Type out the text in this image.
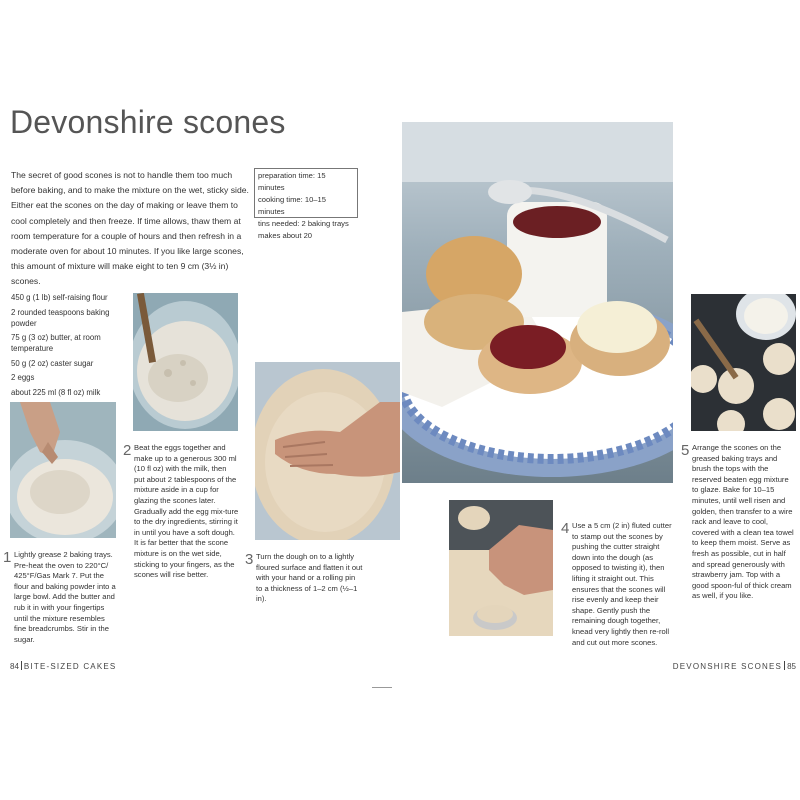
Devonshire scones
The secret of good scones is not to handle them too much before baking, and to make the mixture on the wet, sticky side. Either eat the scones on the day of making or leave them to cool completely and then freeze. If time allows, thaw them at room temperature for a couple of hours and then refresh in a moderate oven for about 10 minutes. If you like large scones, this amount of mixture will make eight to ten 9 cm (3½ in) scones.
preparation time: 15 minutes
cooking time: 10–15 minutes
tins needed: 2 baking trays
makes about 20
450 g (1 lb) self-raising flour
2 rounded teaspoons baking powder
75 g (3 oz) butter, at room temperature
50 g (2 oz) caster sugar
2 eggs
about 225 ml (8 fl oz) milk
1 Lightly grease 2 baking trays. Pre-heat the oven to 220°C/ 425°F/Gas Mark 7. Put the flour and baking powder into a large bowl. Add the butter and rub it in with your fingertips until the mixture resembles fine breadcrumbs. Stir in the sugar.
2 Beat the eggs together and make up to a generous 300 ml (10 fl oz) with the milk, then put about 2 tablespoons of the mixture aside in a cup for glazing the scones later. Gradually add the egg mix-ture to the dry ingredients, stirring it in until you have a soft dough. It is far better that the scone mixture is on the wet side, sticking to your fingers, as the scones will rise better.
3 Turn the dough on to a lightly floured surface and flatten it out with your hand or a rolling pin to a thickness of 1–2 cm (½–1 in).
4 Use a 5 cm (2 in) fluted cutter to stamp out the scones by pushing the cutter straight down into the dough (as opposed to twisting it), then lifting it straight out. This ensures that the scones will rise evenly and keep their shape. Gently push the remaining dough together, knead very lightly then re-roll and cut out more scones.
5 Arrange the scones on the greased baking trays and brush the tops with the reserved beaten egg mixture to glaze. Bake for 10–15 minutes, until well risen and golden, then transfer to a wire rack and leave to cool, covered with a clean tea towel to keep them moist. Serve as fresh as possible, cut in half and spread generously with strawberry jam. Top with a good spoon-ful of thick cream as well, if you like.
84 BITE-SIZED CAKES	DEVONSHIRE SCONES 85
